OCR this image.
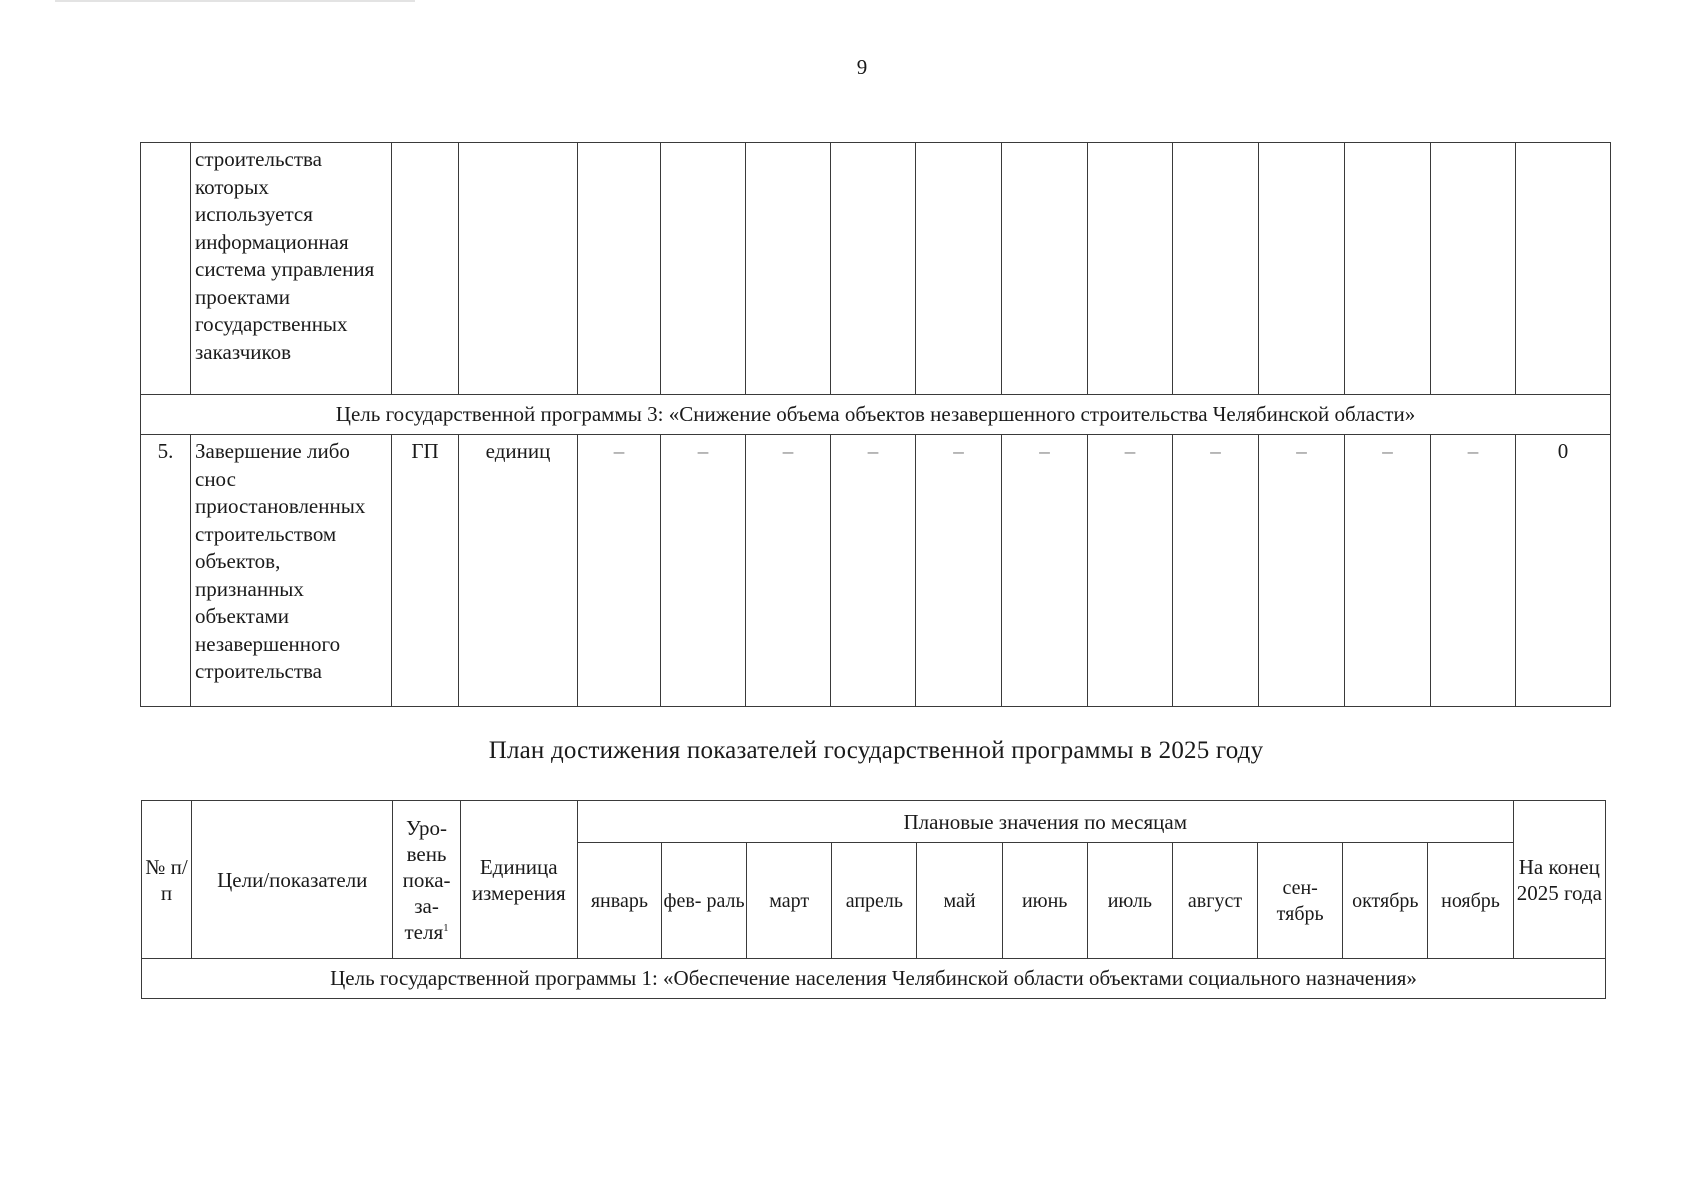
9
	строительства которых используется информационная система управления проектами государственных заказчиков														
Цель государственной программы 3: «Снижение объема объектов незавершенного строительства Челябинской области»															
5.	Завершение либо снос приостановленных строительством объектов, признанных объектами незавершенного строительства	ГП	единиц	–	–	–	–	–	–	–	–	–	–	–	0
План достижения показателей государственной программы в 2025 году
№ п/п	Цели/показатели	Уро- вень пока- за- теля$^1$	Единица измерения	Плановые значения по месяцам											На конец 2025 года
				январь	фев- раль	март	апрель	май	июнь	июль	август	сен- тябрь	октябрь	ноябрь	
Цель государственной программы 1: «Обеспечение населения Челябинской области объектами социального назначения»															
